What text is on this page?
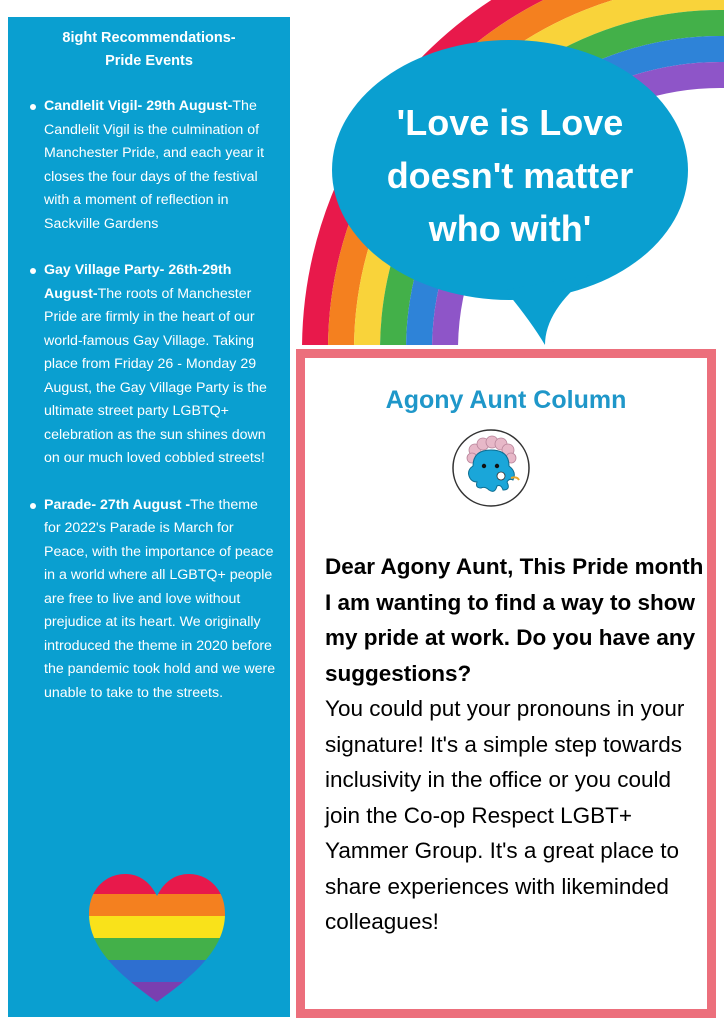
'Love is Love
doesn't matter
who with'
8ight Recommendations-
Pride Events
Candlelit Vigil- 29th August-The Candlelit Vigil is the culmination of Manchester Pride, and each year it closes the four days of the festival with a moment of reflection in Sackville Gardens
Gay Village Party- 26th-29th August-The roots of Manchester Pride are firmly in the heart of our world-famous Gay Village. Taking place from Friday 26 - Monday 29 August, the Gay Village Party is the ultimate street party LGBTQ+ celebration as the sun shines down on our much loved cobbled streets!
Parade- 27th August -The theme for 2022's Parade is March for Peace, with the importance of peace in a world where all LGBTQ+ people are free to live and love without prejudice at its heart. We originally introduced the theme in 2020 before the pandemic took hold and we were unable to take to the streets.
Agony Aunt Column
Dear Agony Aunt, This Pride month I am wanting to find a way to show my pride at work. Do you have any suggestions?
You could put your pronouns in your signature! It's a simple step towards inclusivity in the office or you could join the Co-op Respect LGBT+ Yammer Group. It's a great place to share experiences with likeminded colleagues!
